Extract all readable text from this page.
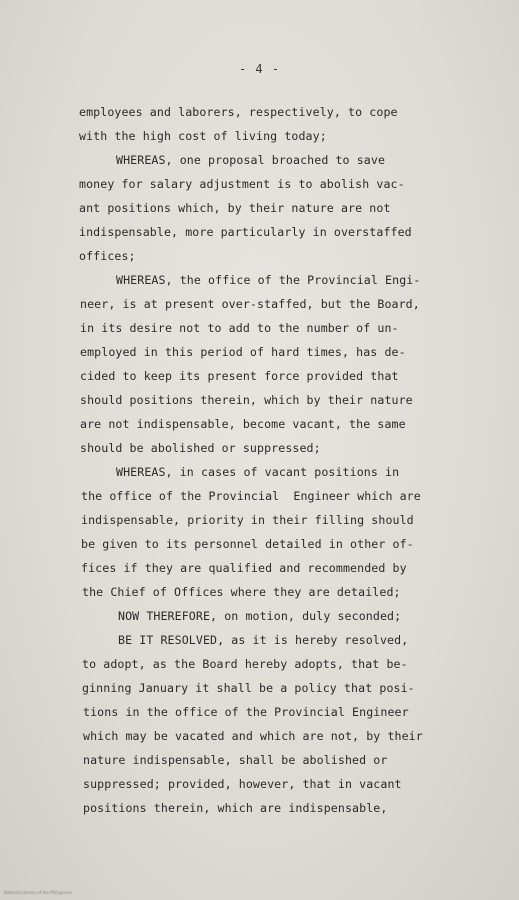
- 4 -
employees and laborers, respectively, to cope
with the high cost of living today;
WHEREAS, one proposal broached to save
money for salary adjustment is to abolish vac-
ant positions which, by their nature are not
indispensable, more particularly in overstaffed
offices;
WHEREAS, the office of the Provincial Engi-
neer, is at present over-staffed, but the Board,
in its desire not to add to the number of un-
employed in this period of hard times, has de-
cided to keep its present force provided that
should positions therein, which by their nature
are not indispensable, become vacant, the same
should be abolished or suppressed;
WHEREAS, in cases of vacant positions in
the office of the Provincial  Engineer which are
indispensable, priority in their filling should
be given to its personnel detailed in other of-
fices if they are qualified and recommended by
the Chief of Offices where they are detailed;
NOW THEREFORE, on motion, duly seconded;
BE IT RESOLVED, as it is hereby resolved,
to adopt, as the Board hereby adopts, that be-
ginning January it shall be a policy that posi-
tions in the office of the Provincial Engineer
which may be vacated and which are not, by their
nature indispensable, shall be abolished or
suppressed; provided, however, that in vacant
positions therein, which are indispensable,
National Library of the Philippines
